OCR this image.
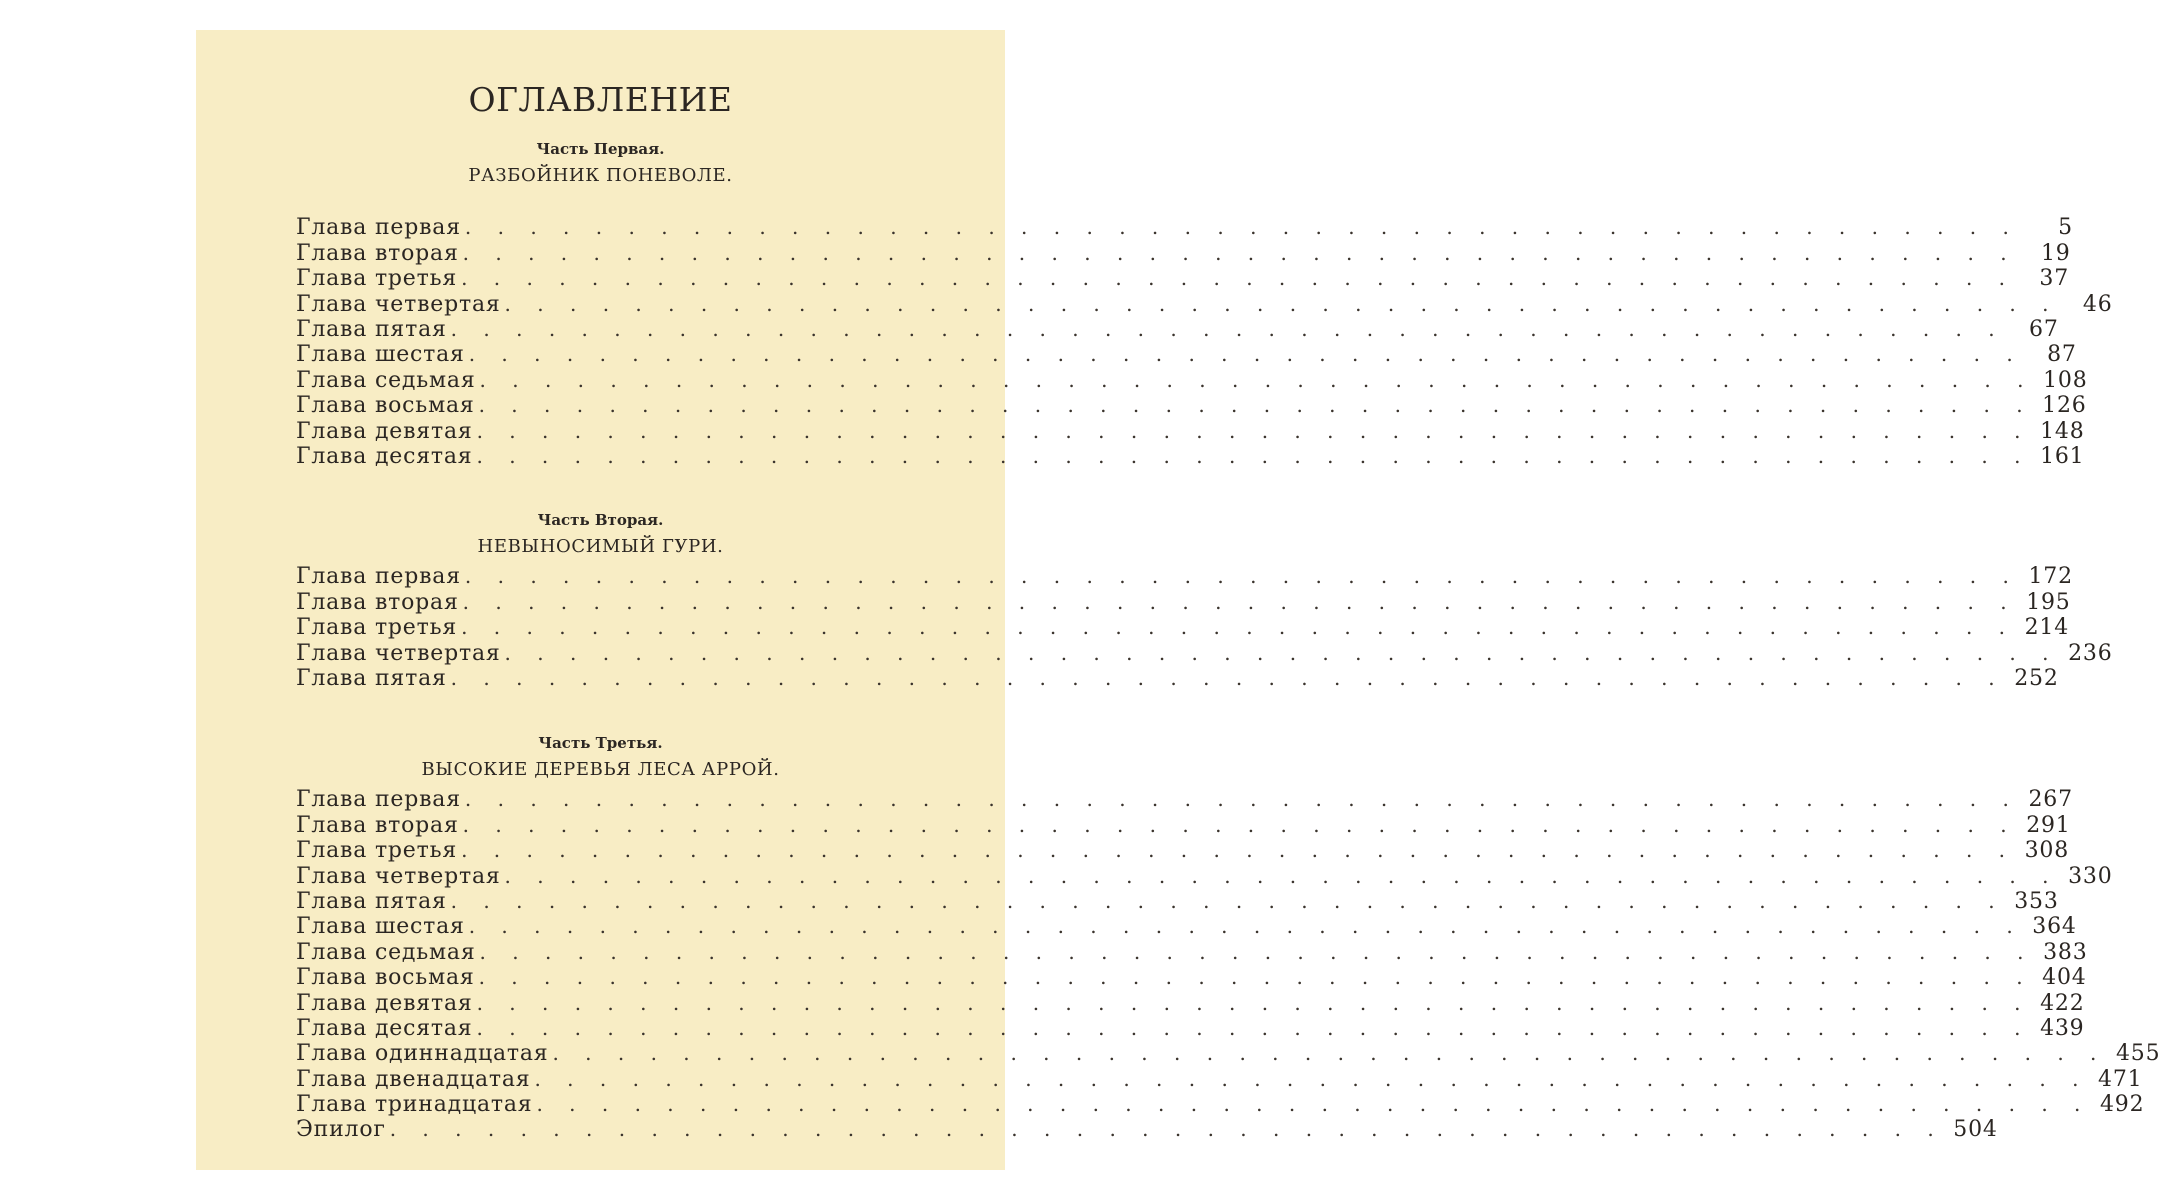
ОГЛАВЛЕНИЕ
Часть Первая.
РАЗБОЙНИК ПОНЕВОЛЕ.
Глава первая . . . . . . . . . . . . . . . . . . . . . . . . . . . . . . . . . . . . . . . . . . . . . . . .	5
Глава вторая . . . . . . . . . . . . . . . . . . . . . . . . . . . . . . . . . . . . . . . . . . . . . . . .	19
Глава третья . . . . . . . . . . . . . . . . . . . . . . . . . . . . . . . . . . . . . . . . . . . . . . . .	37
Глава четвертая . . . . . . . . . . . . . . . . . . . . . . . . . . . . . . . . . . . . . . . . . . . . . . . .	46
Глава пятая . . . . . . . . . . . . . . . . . . . . . . . . . . . . . . . . . . . . . . . . . . . . . . . .	67
Глава шестая . . . . . . . . . . . . . . . . . . . . . . . . . . . . . . . . . . . . . . . . . . . . . . . .	87
Глава седьмая . . . . . . . . . . . . . . . . . . . . . . . . . . . . . . . . . . . . . . . . . . . . . . . . 108
Глава восьмая . . . . . . . . . . . . . . . . . . . . . . . . . . . . . . . . . . . . . . . . . . . . . . . . 126
Глава девятая . . . . . . . . . . . . . . . . . . . . . . . . . . . . . . . . . . . . . . . . . . . . . . . . 148
Глава десятая . . . . . . . . . . . . . . . . . . . . . . . . . . . . . . . . . . . . . . . . . . . . . . . . 161
Часть Вторая.
НЕВЫНОСИМЫЙ ГУРИ.
Глава первая . . . . . . . . . . . . . . . . . . . . . . . . . . . . . . . . . . . . . . . . . . . . . . . . 172
Глава вторая . . . . . . . . . . . . . . . . . . . . . . . . . . . . . . . . . . . . . . . . . . . . . . . . 195
Глава третья . . . . . . . . . . . . . . . . . . . . . . . . . . . . . . . . . . . . . . . . . . . . . . . . 214
Глава четвертая . . . . . . . . . . . . . . . . . . . . . . . . . . . . . . . . . . . . . . . . . . . . . . . . 236
Глава пятая . . . . . . . . . . . . . . . . . . . . . . . . . . . . . . . . . . . . . . . . . . . . . . . . 252
Часть Третья.
ВЫСОКИЕ ДЕРЕВЬЯ ЛЕСА АРРОЙ.
Глава первая . . . . . . . . . . . . . . . . . . . . . . . . . . . . . . . . . . . . . . . . . . . . . . . . 267
Глава вторая . . . . . . . . . . . . . . . . . . . . . . . . . . . . . . . . . . . . . . . . . . . . . . . . 291
Глава третья . . . . . . . . . . . . . . . . . . . . . . . . . . . . . . . . . . . . . . . . . . . . . . . . 308
Глава четвертая . . . . . . . . . . . . . . . . . . . . . . . . . . . . . . . . . . . . . . . . . . . . . . . . 330
Глава пятая . . . . . . . . . . . . . . . . . . . . . . . . . . . . . . . . . . . . . . . . . . . . . . . . 353
Глава шестая . . . . . . . . . . . . . . . . . . . . . . . . . . . . . . . . . . . . . . . . . . . . . . . . 364
Глава седьмая . . . . . . . . . . . . . . . . . . . . . . . . . . . . . . . . . . . . . . . . . . . . . . . . 383
Глава восьмая . . . . . . . . . . . . . . . . . . . . . . . . . . . . . . . . . . . . . . . . . . . . . . . . 404
Глава девятая . . . . . . . . . . . . . . . . . . . . . . . . . . . . . . . . . . . . . . . . . . . . . . . . 422
Глава десятая . . . . . . . . . . . . . . . . . . . . . . . . . . . . . . . . . . . . . . . . . . . . . . . . 439
Глава одиннадцатая . . . . . . . . . . . . . . . . . . . . . . . . . . . . . . . . . . . . . . . . . . . . . . . . 455
Глава двенадцатая . . . . . . . . . . . . . . . . . . . . . . . . . . . . . . . . . . . . . . . . . . . . . . . . 471
Глава тринадцатая . . . . . . . . . . . . . . . . . . . . . . . . . . . . . . . . . . . . . . . . . . . . . . . . 492
Эпилог . . . . . . . . . . . . . . . . . . . . . . . . . . . . . . . . . . . . . . . . . . . . . . . . 504
